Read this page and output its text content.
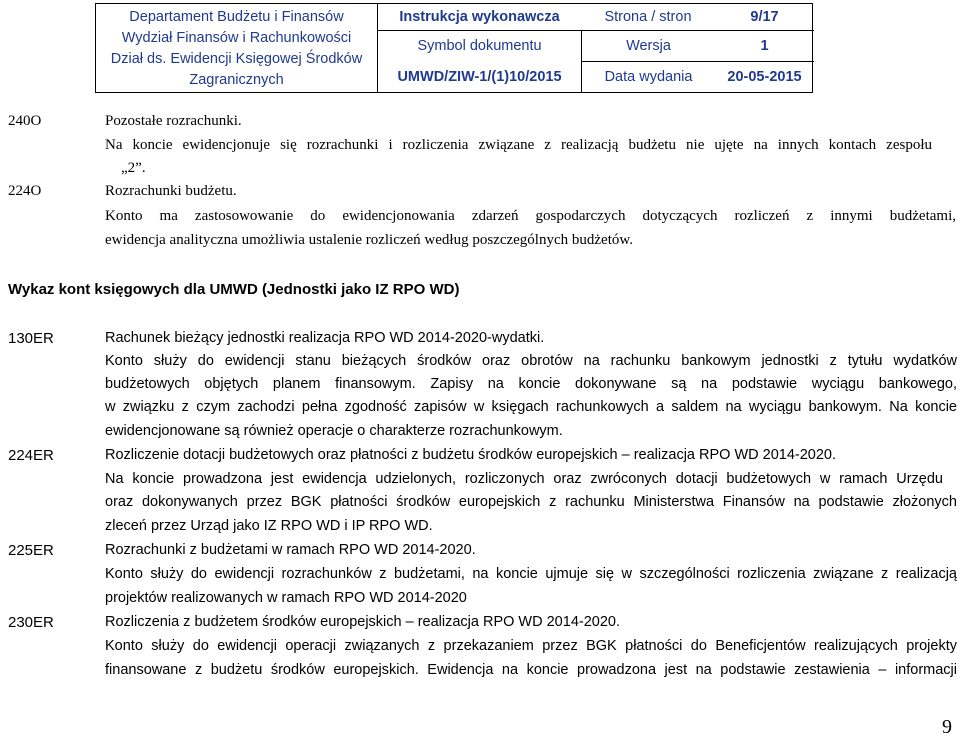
Departament Budżetu i Finansów
Wydział Finansów i Rachunkowości
Dział ds. Ewidencji Księgowej Środków
Zagranicznych
Instrukcja wykonawcza	Strona / stron	9/17
Symbol dokumentu	Wersja	1
UMWD/ZIW-1/(1)10/2015	Data wydania	20-05-2015
240O	Pozostałe rozrachunki.
Na koncie ewidencjonuje się rozrachunki i rozliczenia związane z realizacją budżetu nie ujęte na innych kontach zespołu
„2”.
224O	Rozrachunki budżetu.
Konto ma zastosowowanie do ewidencjonowania zdarzeń gospodarczych dotyczących rozliczeń z innymi budżetami,
ewidencja analityczna umożliwia ustalenie rozliczeń według poszczególnych budżetów.
Wykaz kont księgowych dla UMWD (Jednostki jako IZ RPO WD)
130ER	Rachunek bieżący jednostki realizacja RPO WD 2014-2020-wydatki.
Konto służy do ewidencji stanu bieżących środków oraz obrotów na rachunku bankowym jednostki z tytułu wydatków
budżetowych objętych planem finansowym. Zapisy na koncie dokonywane są na podstawie wyciągu bankowego,
w związku z czym zachodzi pełna zgodność zapisów w księgach rachunkowych a saldem na wyciągu bankowym. Na koncie
ewidencjonowane są również operacje o charakterze rozrachunkowym.
224ER	Rozliczenie dotacji budżetowych oraz płatności z budżetu środków europejskich – realizacja RPO WD 2014-2020.
Na koncie prowadzona jest ewidencja udzielonych, rozliczonych oraz zwróconych dotacji budżetowych w ramach Urzędu
oraz dokonywanych przez BGK płatności środków europejskich z rachunku Ministerstwa Finansów na podstawie złożonych
zleceń przez Urząd jako IZ RPO WD i IP RPO WD.
225ER	Rozrachunki z budżetami w ramach RPO WD 2014-2020.
Konto służy do ewidencji rozrachunków z budżetami, na koncie ujmuje się w szczególności rozliczenia związane z realizacją
projektów realizowanych w ramach RPO WD 2014-2020
230ER	Rozliczenia z budżetem środków europejskich – realizacja RPO WD 2014-2020.
Konto służy do ewidencji operacji związanych z przekazaniem przez BGK płatności do Beneficjentów realizujących projekty
finansowane z budżetu środków europejskich. Ewidencja na koncie prowadzona jest na podstawie zestawienia – informacji
9
